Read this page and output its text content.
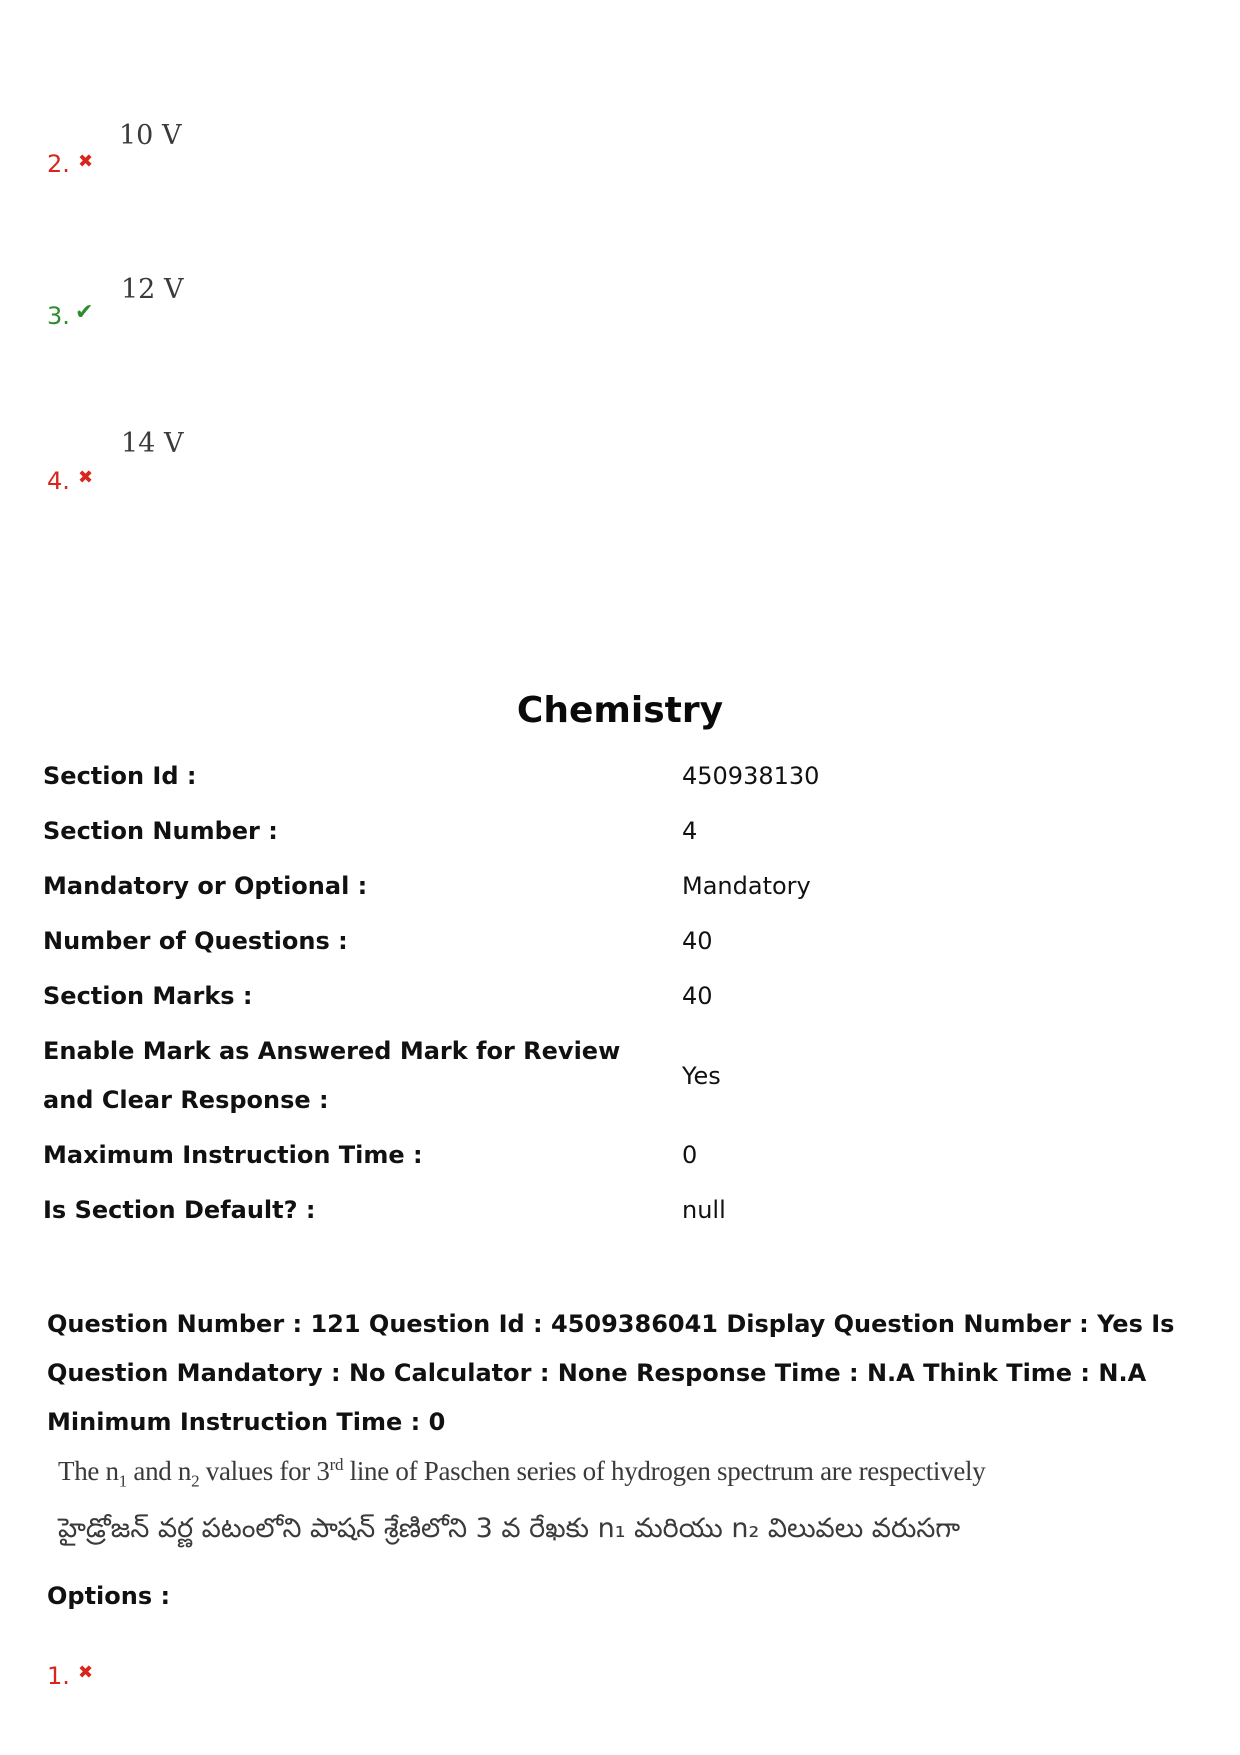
2. ✖
10 V
3. ✔
12 V
4. ✖
14 V
Chemistry
Section Id :	450938130
Section Number :	4
Mandatory or Optional :	Mandatory
Number of Questions :	40
Section Marks :	40
Enable Mark as Answered Mark for Review and Clear Response :
Yes
Maximum Instruction Time :	0
Is Section Default? :	null
Question Number : 121 Question Id : 4509386041 Display Question Number : Yes Is Question Mandatory : No Calculator : None Response Time : N.A Think Time : N.A Minimum Instruction Time : 0
The $n_1$ and $n_2$ values for 3rd line of Paschen series of hydrogen spectrum are respectively
హైడ్రోజన్ వర్ణ పటంలోని పాషన్ శ్రేణిలోని 3 వ రేఖకు n₁ మరియు n₂ విలువలు వరుసగా
Options :
1. ✖
